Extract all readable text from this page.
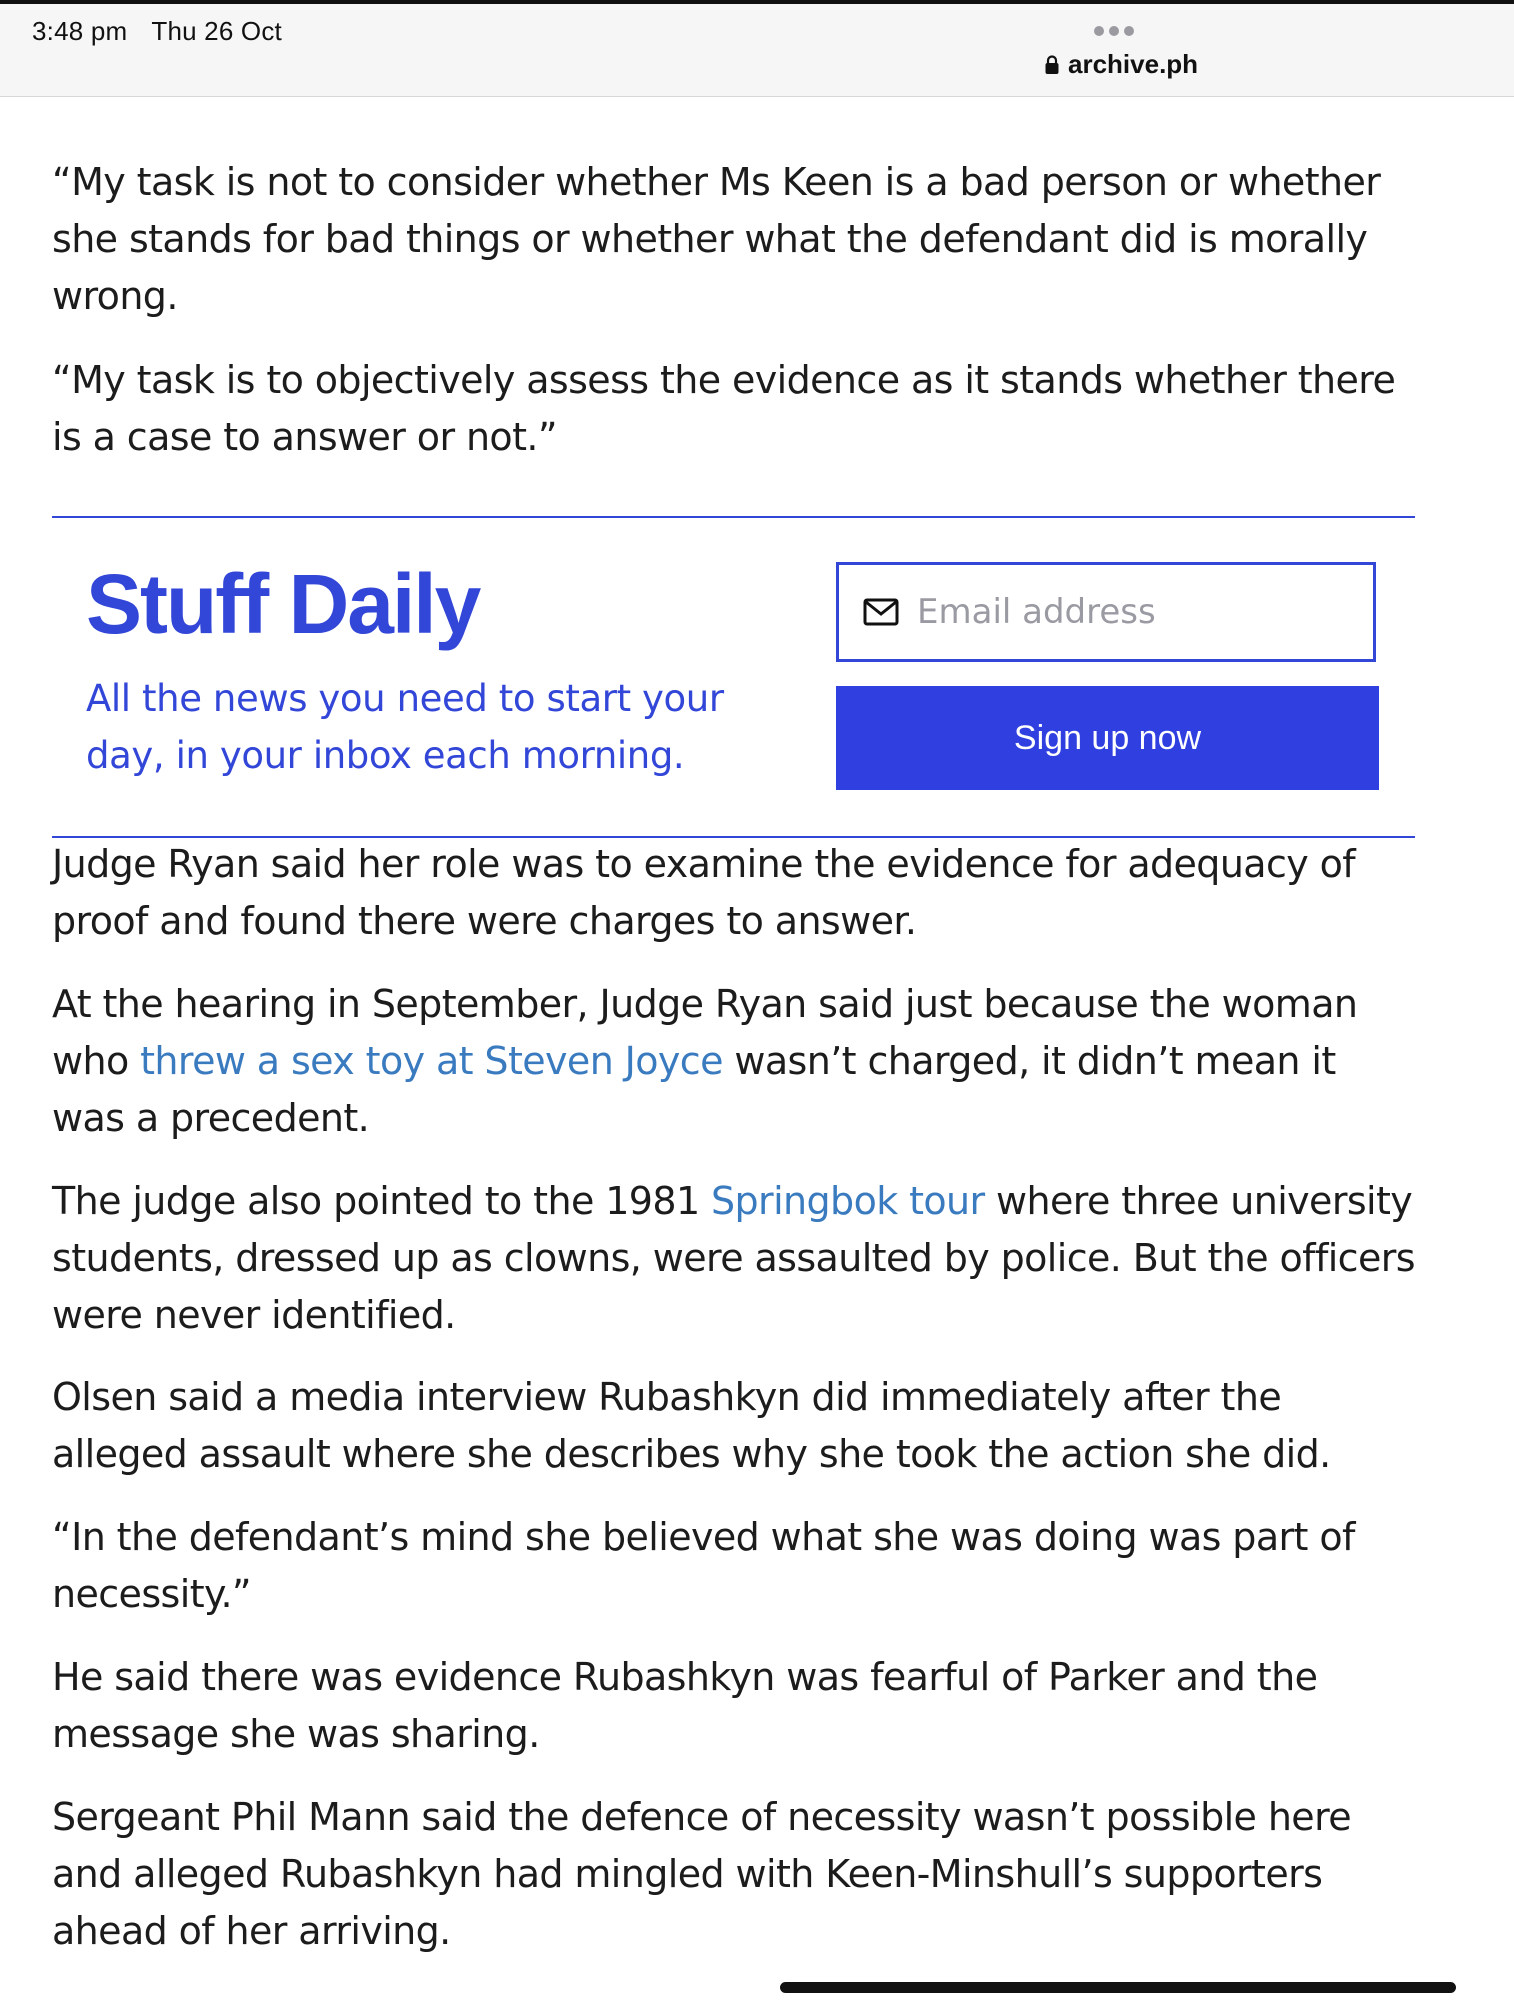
3:48 pm Thu 26 Oct
archive.ph

“My task is not to consider whether Ms Keen is a bad person or whether she stands for bad things or whether what the defendant did is morally wrong.

“My task is to objectively assess the evidence as it stands whether there is a case to answer or not.”

Stuff Daily

All the news you need to start your day, in your inbox each morning.

Email address	Sign up now

Judge Ryan said her role was to examine the evidence for adequacy of proof and found there were charges to answer.

At the hearing in September, Judge Ryan said just because the woman who threw a sex toy at Steven Joyce wasn’t charged, it didn’t mean it was a precedent.

The judge also pointed to the 1981 Springbok tour where three university students, dressed up as clowns, were assaulted by police. But the officers were never identified.

Olsen said a media interview Rubashkyn did immediately after the alleged assault where she describes why she took the action she did.

“In the defendant’s mind she believed what she was doing was part of necessity.”

He said there was evidence Rubashkyn was fearful of Parker and the message she was sharing.

Sergeant Phil Mann said the defence of necessity wasn’t possible here and alleged Rubashkyn had mingled with Keen-Minshull’s supporters ahead of her arriving.
